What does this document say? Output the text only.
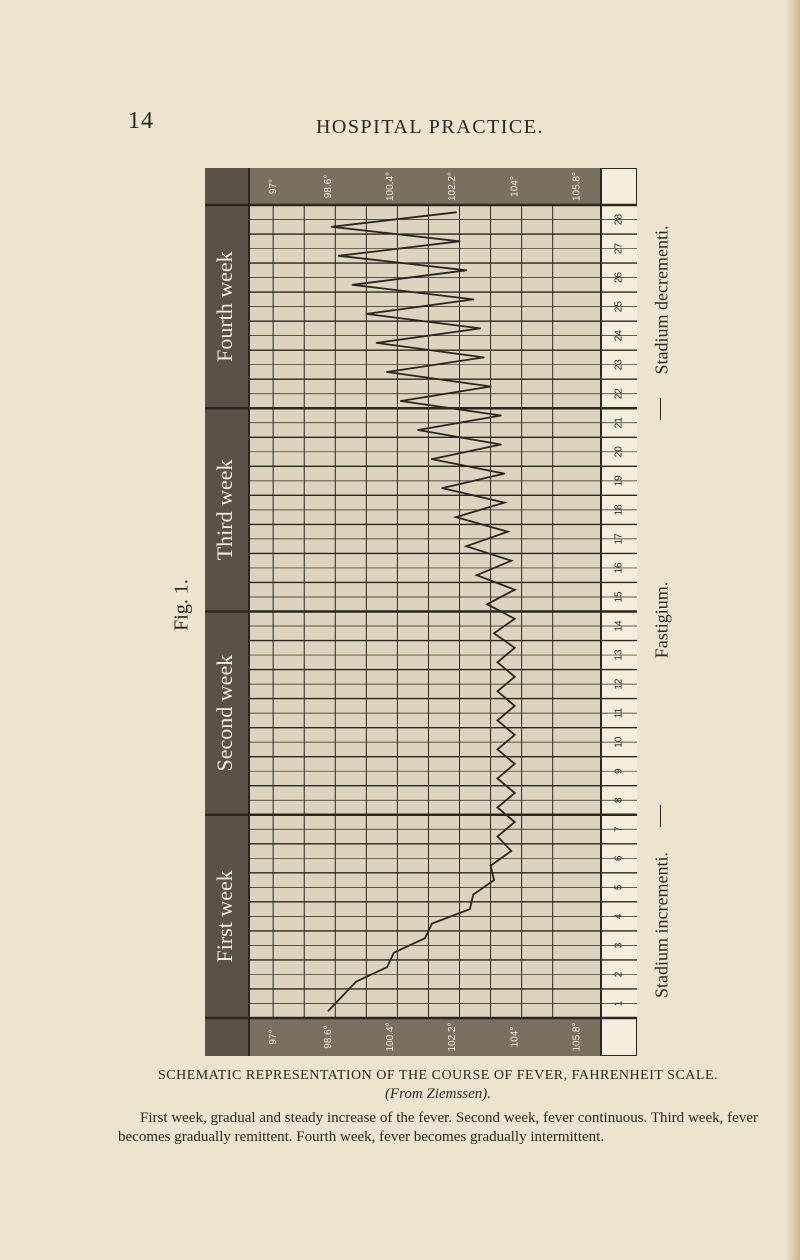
14	HOSPITAL PRACTICE.
Fig. 1.
Stadium incrementi.
Fastigium.
Stadium decrementi.
1
2
3
4
5
6
7
8
9
10
11
12
13
14
15
16
17
18
19
20
21
22
23
24
25
26
27
28
105.8°
105.8°
104°
104°
102.2°
102.2°
100.4°
100.4°
98.6°
98.6°
97°
97°
First week
Second week
Third week
Fourth week

SCHEMATIC REPRESENTATION OF THE COURSE OF FEVER, FAHRENHEIT SCALE.

(From Ziemssen).

First week, gradual and steady increase of the fever. Second week, fever continuous. Third week, fever becomes gradually remittent. Fourth week, fever becomes gradually intermittent.
